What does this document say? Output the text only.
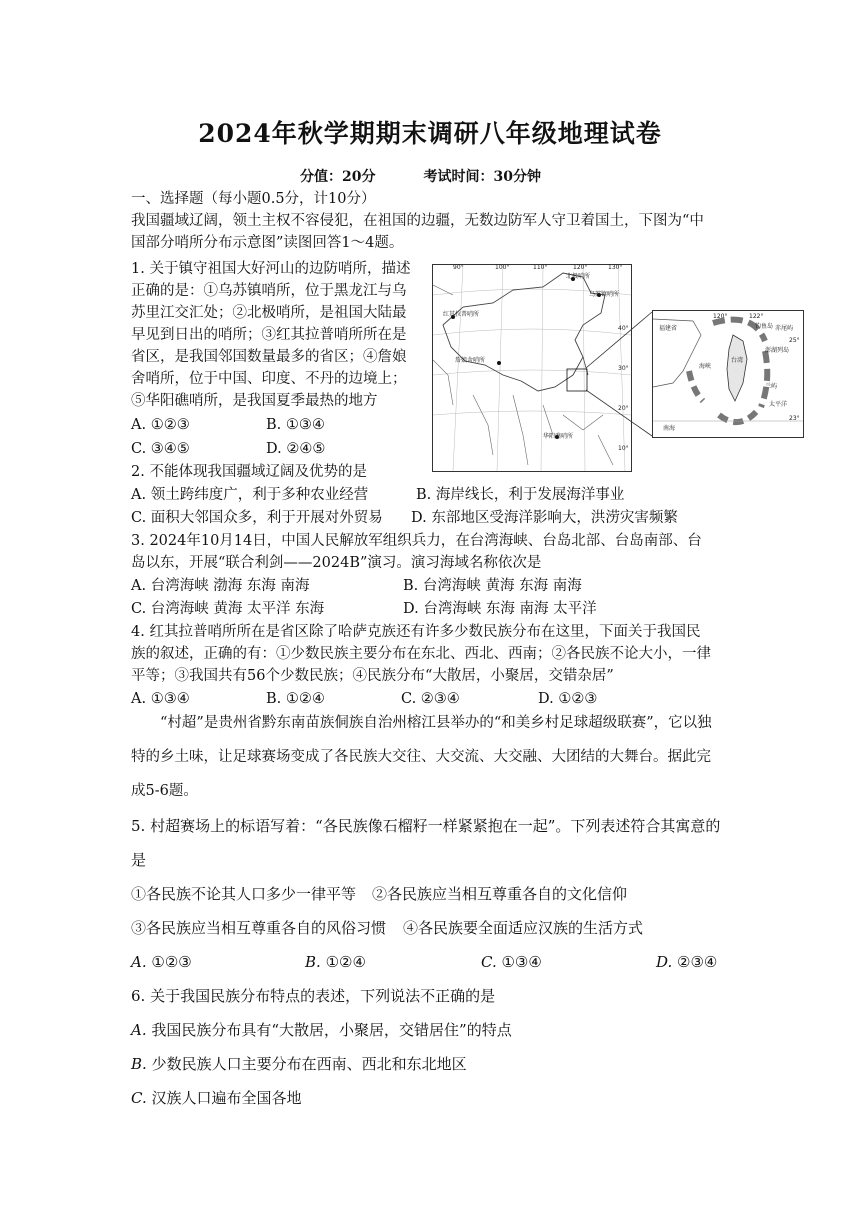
2024年秋学期期末调研八年级地理试卷
分值：20分	考试时间：30分钟
一、选择题（每小题0.5分，计10分）
我国疆域辽阔，领土主权不容侵犯，在祖国的边疆，无数边防军人守卫着国土，下图为“中
国部分哨所分布示意图”读图回答1～4题。
1. 关于镇守祖国大好河山的边防哨所，描述
正确的是：①乌苏镇哨所，位于黑龙江与乌
苏里江交汇处；②北极哨所，是祖国大陆最
早见到日出的哨所；③红其拉普哨所所在是
省区，是我国邻国数量最多的省区；④詹娘
舍哨所，位于中国、印度、不丹的边境上；
⑤华阳礁哨所，是我国夏季最热的地方
A. ①②③	B. ①③④
C. ③④⑤	D. ②④⑤
北极哨所
乌苏镇哨所
红其拉普哨所
詹娘舍哨所
华阳礁哨所
90°	100°	110°	120°	130°
40°
30°
20°
10°
福建省
台湾
海峡
钓鱼岛 赤尾屿
澎湖列岛
兰屿
太平洋
南海
120°	122°
25°
23°
2. 不能体现我国疆域辽阔及优势的是
A. 领土跨纬度广，利于多种农业经营	B. 海岸线长，利于发展海洋事业
C. 面积大邻国众多，利于开展对外贸易 D. 东部地区受海洋影响大，洪涝灾害频繁
3. 2024年10月14日，中国人民解放军组织兵力，在台湾海峡、台岛北部、台岛南部、台
岛以东，开展“联合利剑——2024B”演习。演习海域名称依次是
A. 台湾海峡 渤海 东海 南海	B. 台湾海峡 黄海 东海 南海
C. 台湾海峡 黄海 太平洋 东海	D. 台湾海峡 东海 南海 太平洋
4. 红其拉普哨所所在是省区除了哈萨克族还有许多少数民族分布在这里，下面关于我国民
族的叙述，正确的有：①少数民族主要分布在东北、西北、西南；②各民族不论大小，一律
平等；③我国共有56个少数民族；④民族分布“大散居，小聚居，交错杂居”
A. ①③④	B. ①②④	C. ②③④	D. ①②③
“村超”是贵州省黔东南苗族侗族自治州榕江县举办的“和美乡村足球超级联赛”，它以独
特的乡土味，让足球赛场变成了各民族大交往、大交流、大交融、大团结的大舞台。据此完
成5-6题。
5. 村超赛场上的标语写着：“各民族像石榴籽一样紧紧抱在一起”。下列表述符合其寓意的
是
①各民族不论其人口多少一律平等 ②各民族应当相互尊重各自的文化信仰
③各民族应当相互尊重各自的风俗习惯 ④各民族要全面适应汉族的生活方式
A. ①②③	B. ①②④	C. ①③④	D. ②③④
6. 关于我国民族分布特点的表述，下列说法不正确的是
A. 我国民族分布具有“大散居，小聚居，交错居住”的特点
B. 少数民族人口主要分布在西南、西北和东北地区
C. 汉族人口遍布全国各地
